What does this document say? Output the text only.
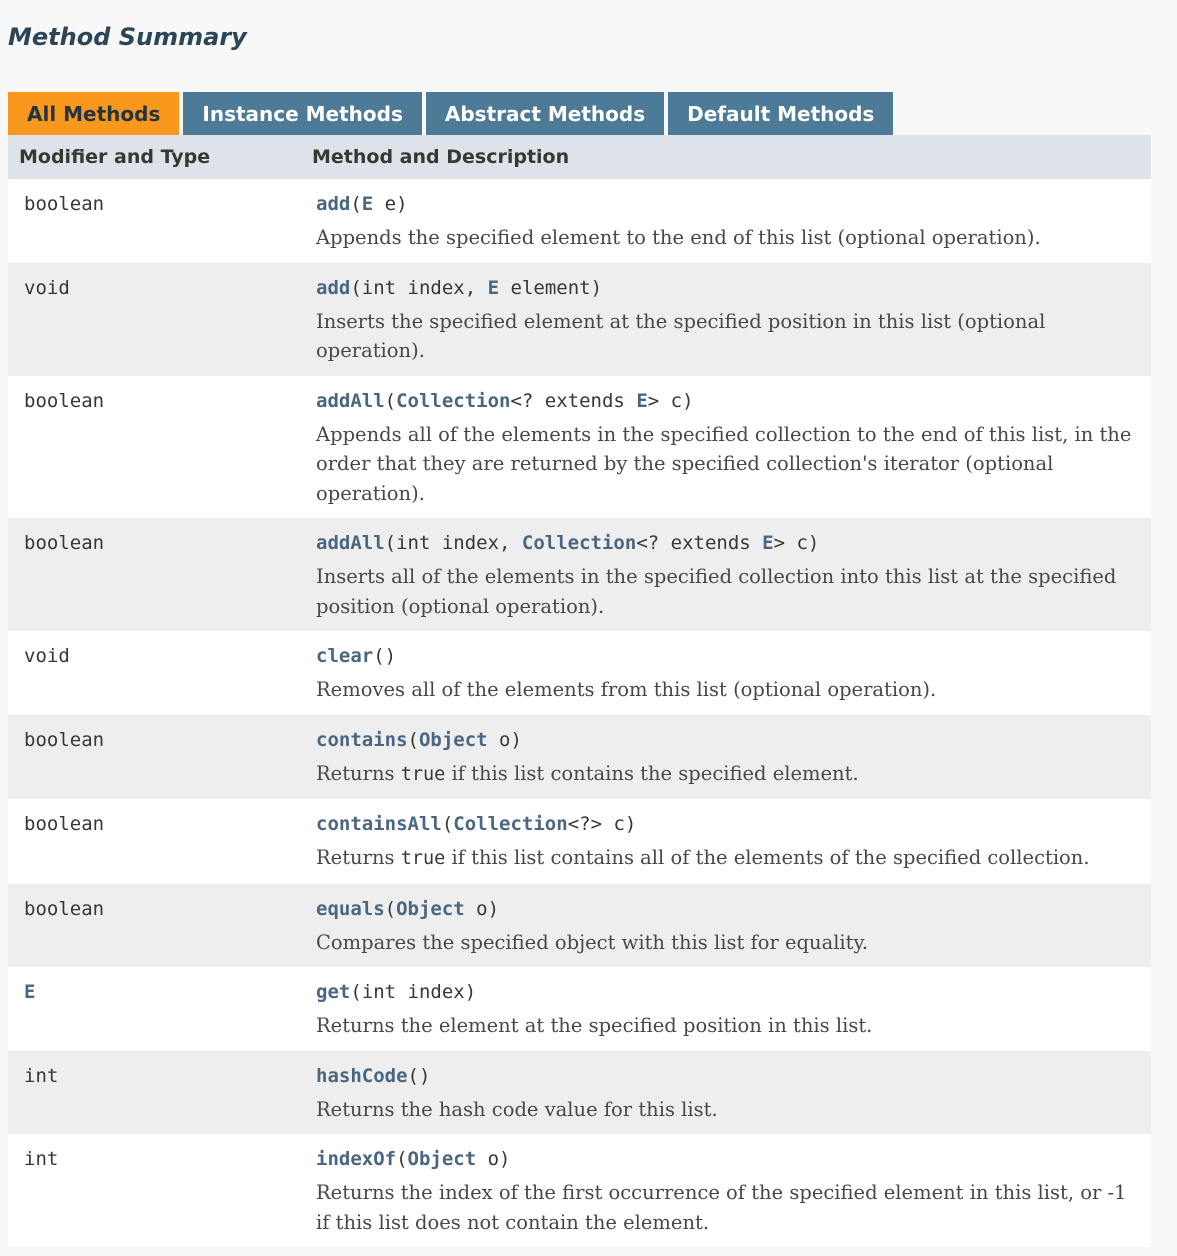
Method Summary
All Methods	Instance Methods	Abstract Methods	Default Methods
Modifier and Type	Method and Description
boolean	add(E e)
Appends the specified element to the end of this list (optional operation).
void	add(int index, E element)
Inserts the specified element at the specified position in this list (optional operation).
boolean	addAll(Collection<? extends E> c)
Appends all of the elements in the specified collection to the end of this list, in the order that they are returned by the specified collection's iterator (optional operation).
boolean	addAll(int index, Collection<? extends E> c)
Inserts all of the elements in the specified collection into this list at the specified position (optional operation).
void	clear()
Removes all of the elements from this list (optional operation).
boolean	contains(Object o)
Returns true if this list contains the specified element.
boolean	containsAll(Collection<?> c)
Returns true if this list contains all of the elements of the specified collection.
boolean	equals(Object o)
Compares the specified object with this list for equality.
E	get(int index)
Returns the element at the specified position in this list.
int	hashCode()
Returns the hash code value for this list.
int	indexOf(Object o)
Returns the index of the first occurrence of the specified element in this list, or -1 if this list does not contain the element.
